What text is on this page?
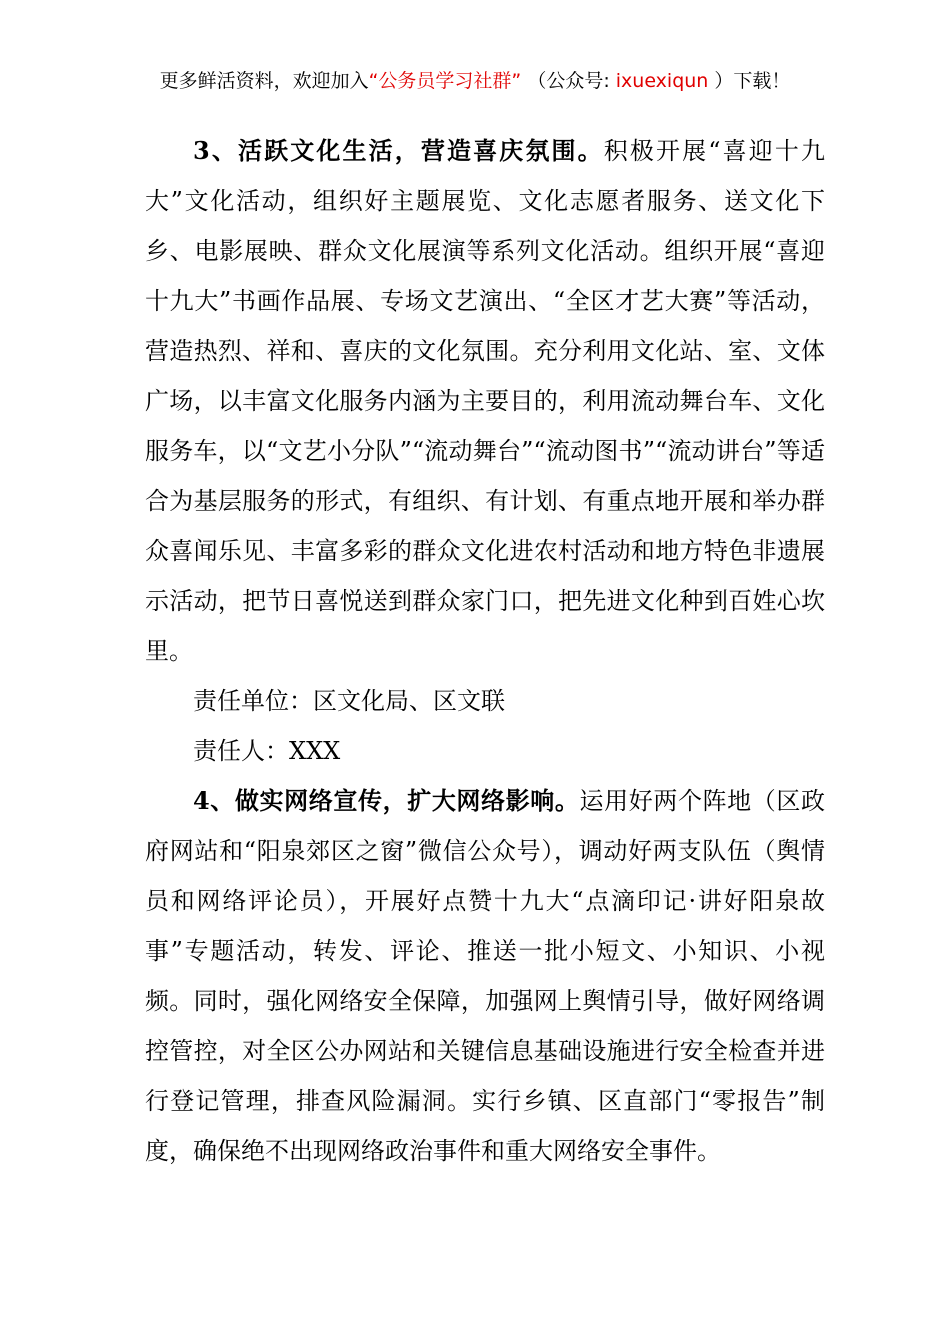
更多鲜活资料，欢迎加入“公务员学习社群” （公众号: ixuexiqun ）下载！

3、活跃文化生活，营造喜庆氛围。积极开展“喜迎十九大”文化活动，组织好主题展览、文化志愿者服务、送文化下乡、电影展映、群众文化展演等系列文化活动。组织开展“喜迎十九大”书画作品展、专场文艺演出、“全区才艺大赛”等活动，营造热烈、祥和、喜庆的文化氛围。充分利用文化站、室、文体广场，以丰富文化服务内涵为主要目的，利用流动舞台车、文化服务车，以“文艺小分队”“流动舞台”“流动图书”“流动讲台”等适合为基层服务的形式，有组织、有计划、有重点地开展和举办群众喜闻乐见、丰富多彩的群众文化进农村活动和地方特色非遗展示活动，把节日喜悦送到群众家门口，把先进文化种到百姓心坎里。

责任单位：区文化局、区文联

责任人：XXX

4、做实网络宣传，扩大网络影响。运用好两个阵地（区政府网站和“阳泉郊区之窗”微信公众号），调动好两支队伍（舆情员和网络评论员），开展好点赞十九大“点滴印记·讲好阳泉故事”专题活动，转发、评论、推送一批小短文、小知识、小视频。同时，强化网络安全保障，加强网上舆情引导，做好网络调控管控，对全区公办网站和关键信息基础设施进行安全检查并进行登记管理，排查风险漏洞。实行乡镇、区直部门“零报告”制度，确保绝不出现网络政治事件和重大网络安全事件。
